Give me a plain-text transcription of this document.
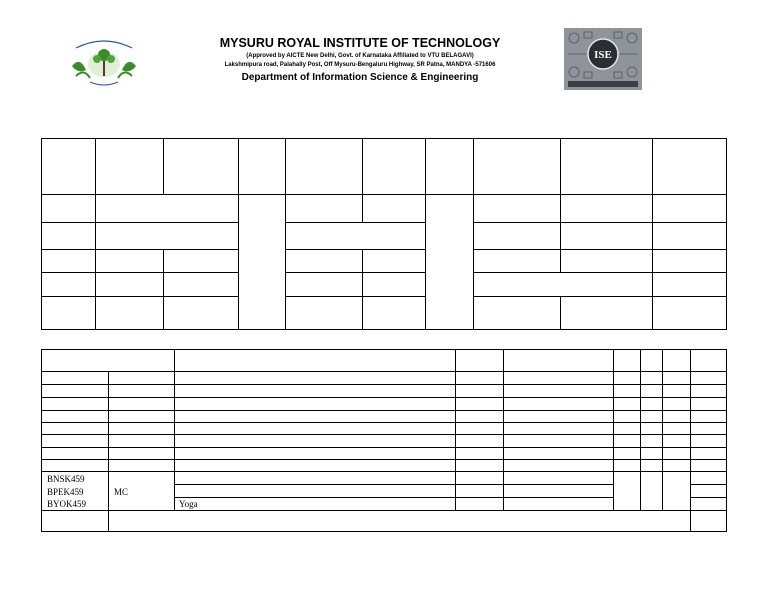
MYSURU ROYAL INSTITUTE OF TECHNOLOGY
(Approved by AICTE New Delhi, Govt. of Karnataka Affiliated to VTU BELAGAVI)
Lakshmipura road, Palahally Post, Off Mysuru-Bengaluru Highway, SR Patna, MANDYA -571606
Department of Information Science & Engineering
ISE
BNSK459
BPEK459
BYOK459
MC
Yoga
